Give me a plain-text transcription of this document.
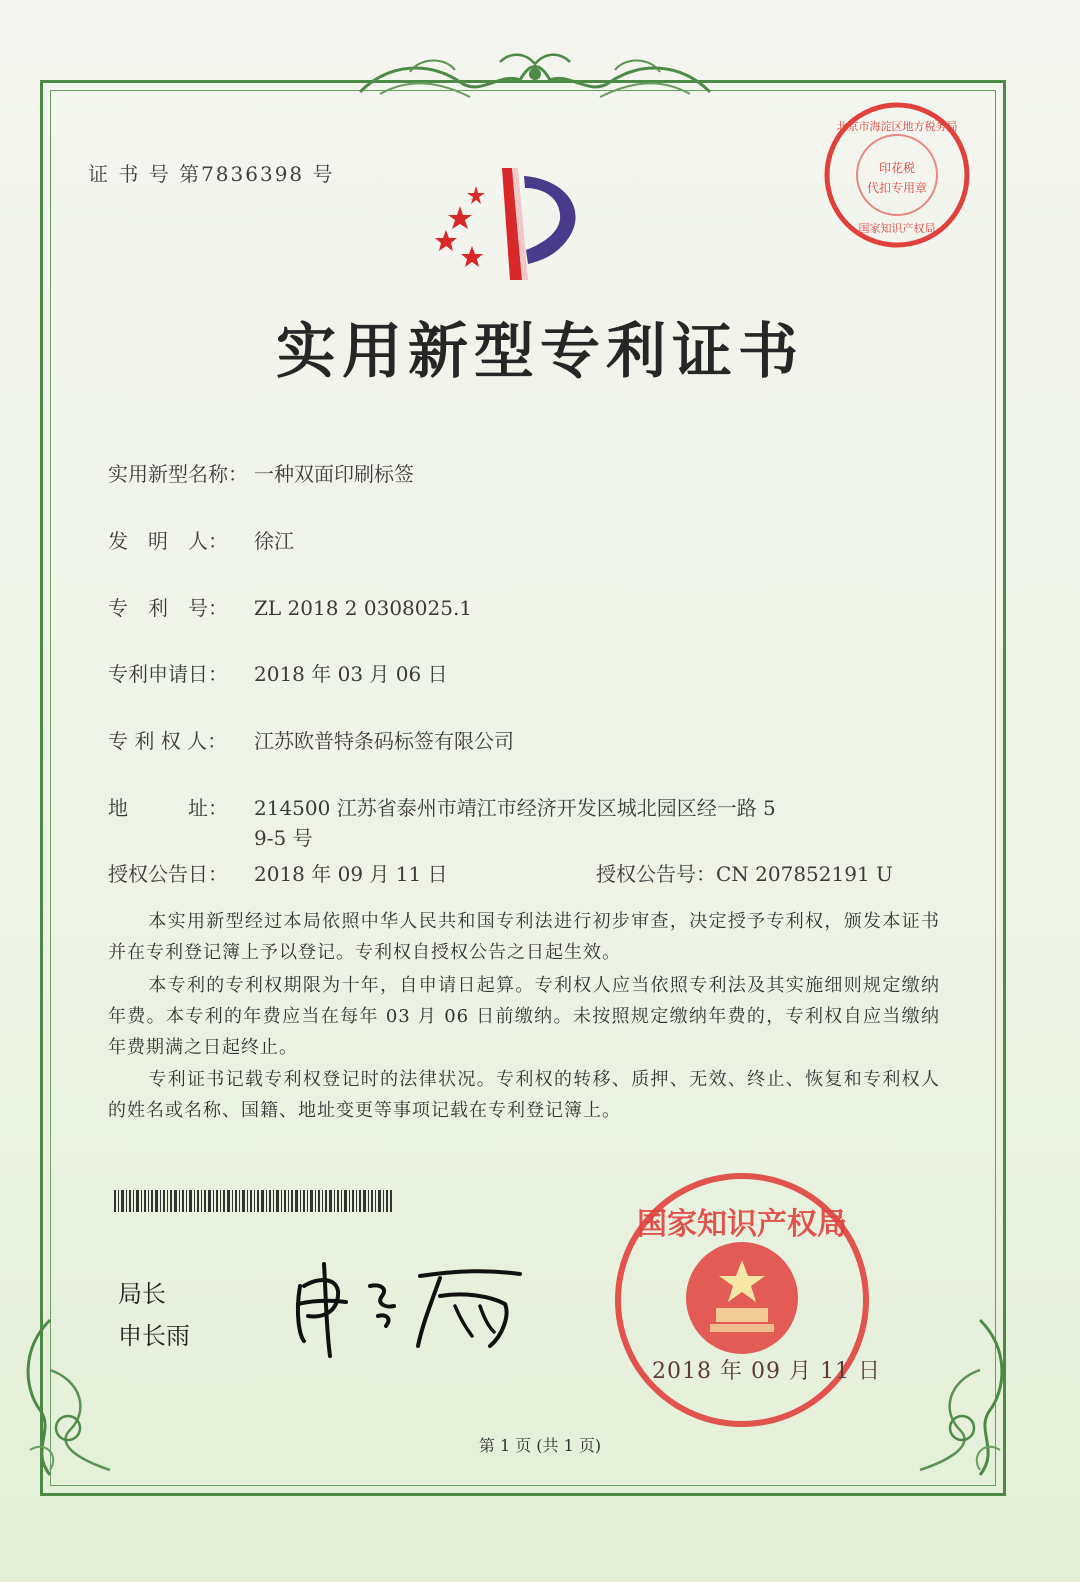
证 书 号 第7836398 号	印花税
代扣专用章
北京市海淀区地方税务局
国家知识产权局
实用新型专利证书
实用新型名称： 一种双面印刷标签
发　明　人： 徐江
专　利　号： ZL 2018 2 0308025.1
专利申请日： 2018 年 03 月 06 日
专 利 权 人： 江苏欧普特条码标签有限公司
地　　　址： 214500 江苏省泰州市靖江市经济开发区城北园区经一路 5
9-5 号
授权公告日： 2018 年 09 月 11 日	授权公告号：CN 207852191 U
本实用新型经过本局依照中华人民共和国专利法进行初步审查，决定授予专利权，颁发本证书并在专利登记簿上予以登记。专利权自授权公告之日起生效。
本专利的专利权期限为十年，自申请日起算。专利权人应当依照专利法及其实施细则规定缴纳年费。本专利的年费应当在每年 03 月 06 日前缴纳。未按照规定缴纳年费的，专利权自应当缴纳年费期满之日起终止。
专利证书记载专利权登记时的法律状况。专利权的转移、质押、无效、终止、恢复和专利权人的姓名或名称、国籍、地址变更等事项记载在专利登记簿上。
局长
申长雨
国家知识产权局
2018 年 09 月 11 日
第 1 页 (共 1 页)
